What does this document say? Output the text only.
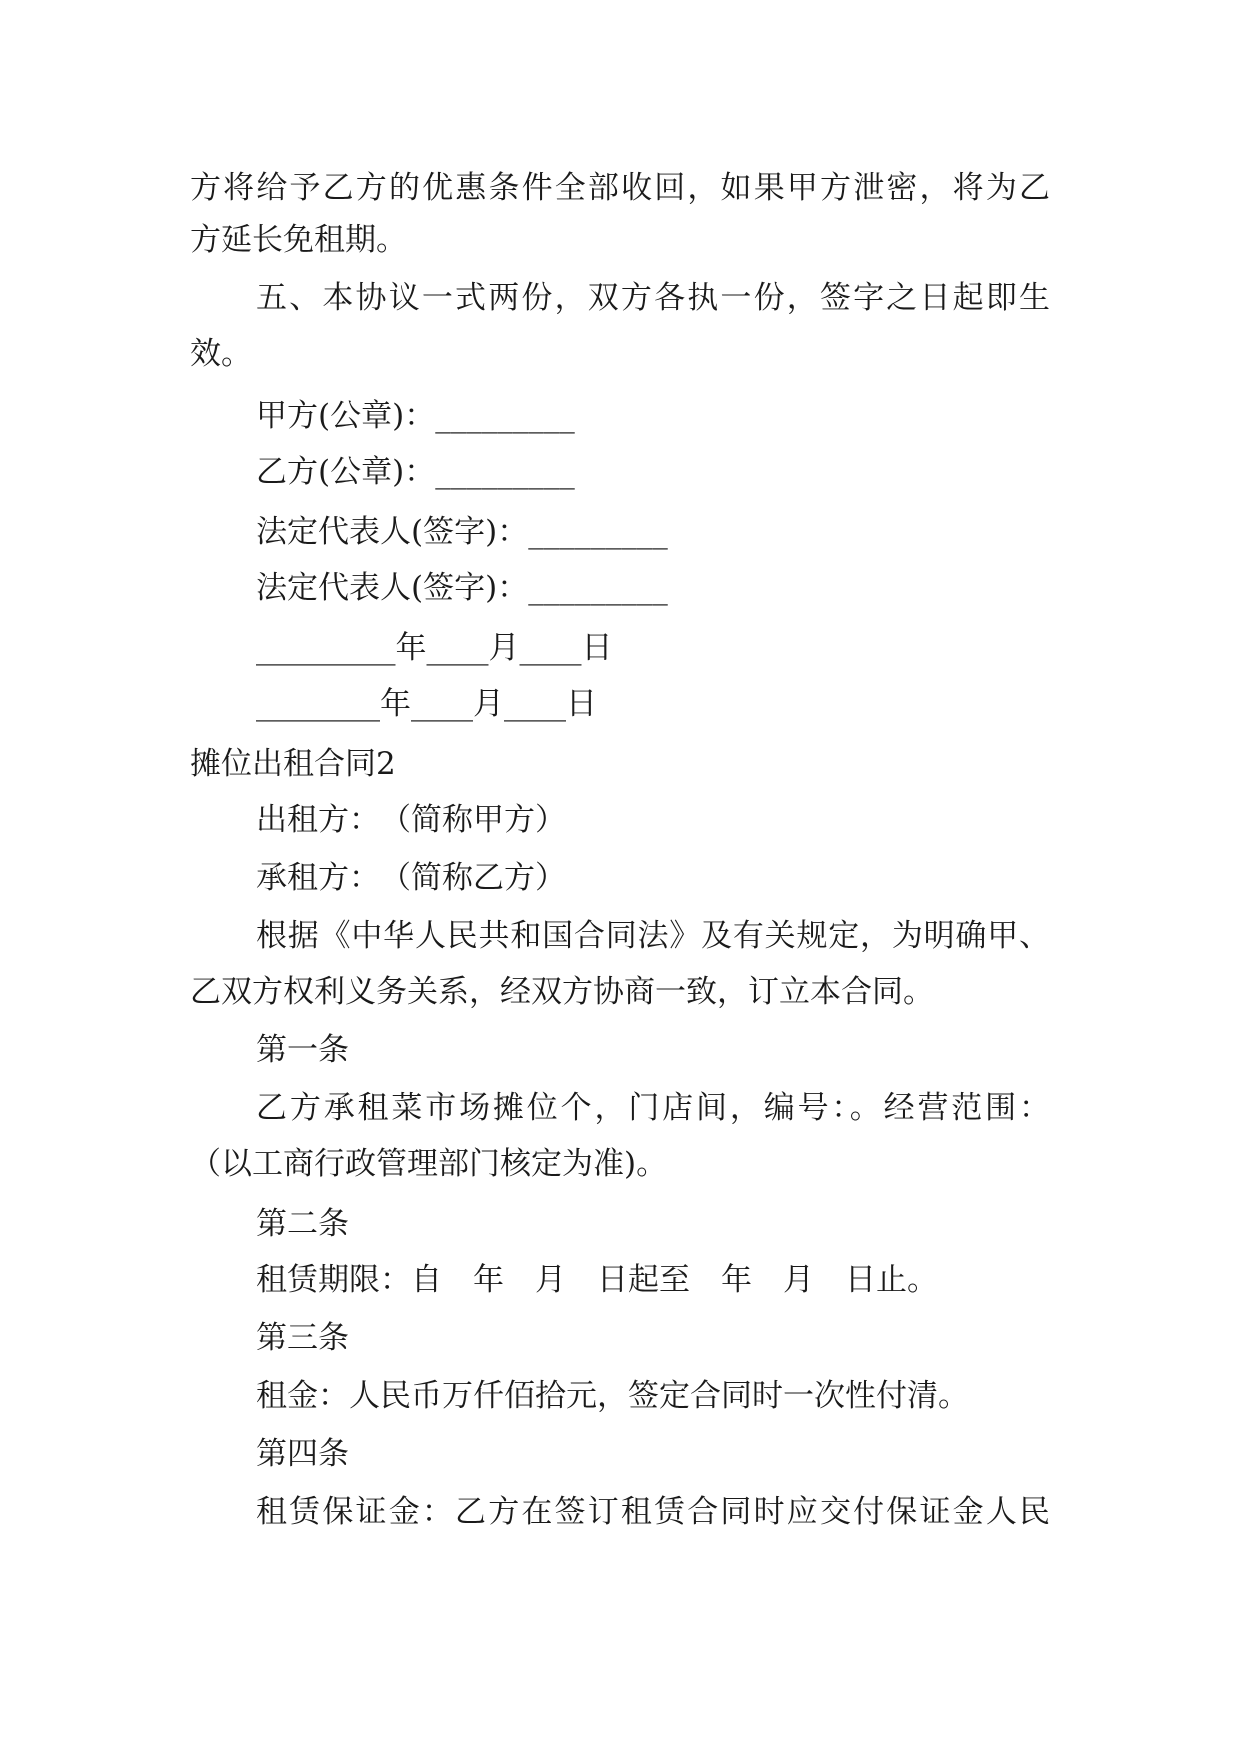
方将给予乙方的优惠条件全部收回，如果甲方泄密，将为乙
方延长免租期。
五、本协议一式两份，双方各执一份，签字之日起即生
效。
甲方(公章)：_________
乙方(公章)：_________
法定代表人(签字)：_________
法定代表人(签字)：_________
_________年____月____日
________年____月____日
摊位出租合同2
出租方：　（简称甲方）
承租方：　（简称乙方）
根据《中华人民共和国合同法》及有关规定，为明确甲、
乙双方权利义务关系，经双方协商一致，订立本合同。
第一条
乙方承租菜市场摊位个，门店间，编号：。经营范围：
（以工商行政管理部门核定为准)。
第二条
租赁期限：自　年　月　日起至　年　月　日止。
第三条
租金：人民币万仟佰拾元，签定合同时一次性付清。
第四条
租赁保证金：乙方在签订租赁合同时应交付保证金人民
